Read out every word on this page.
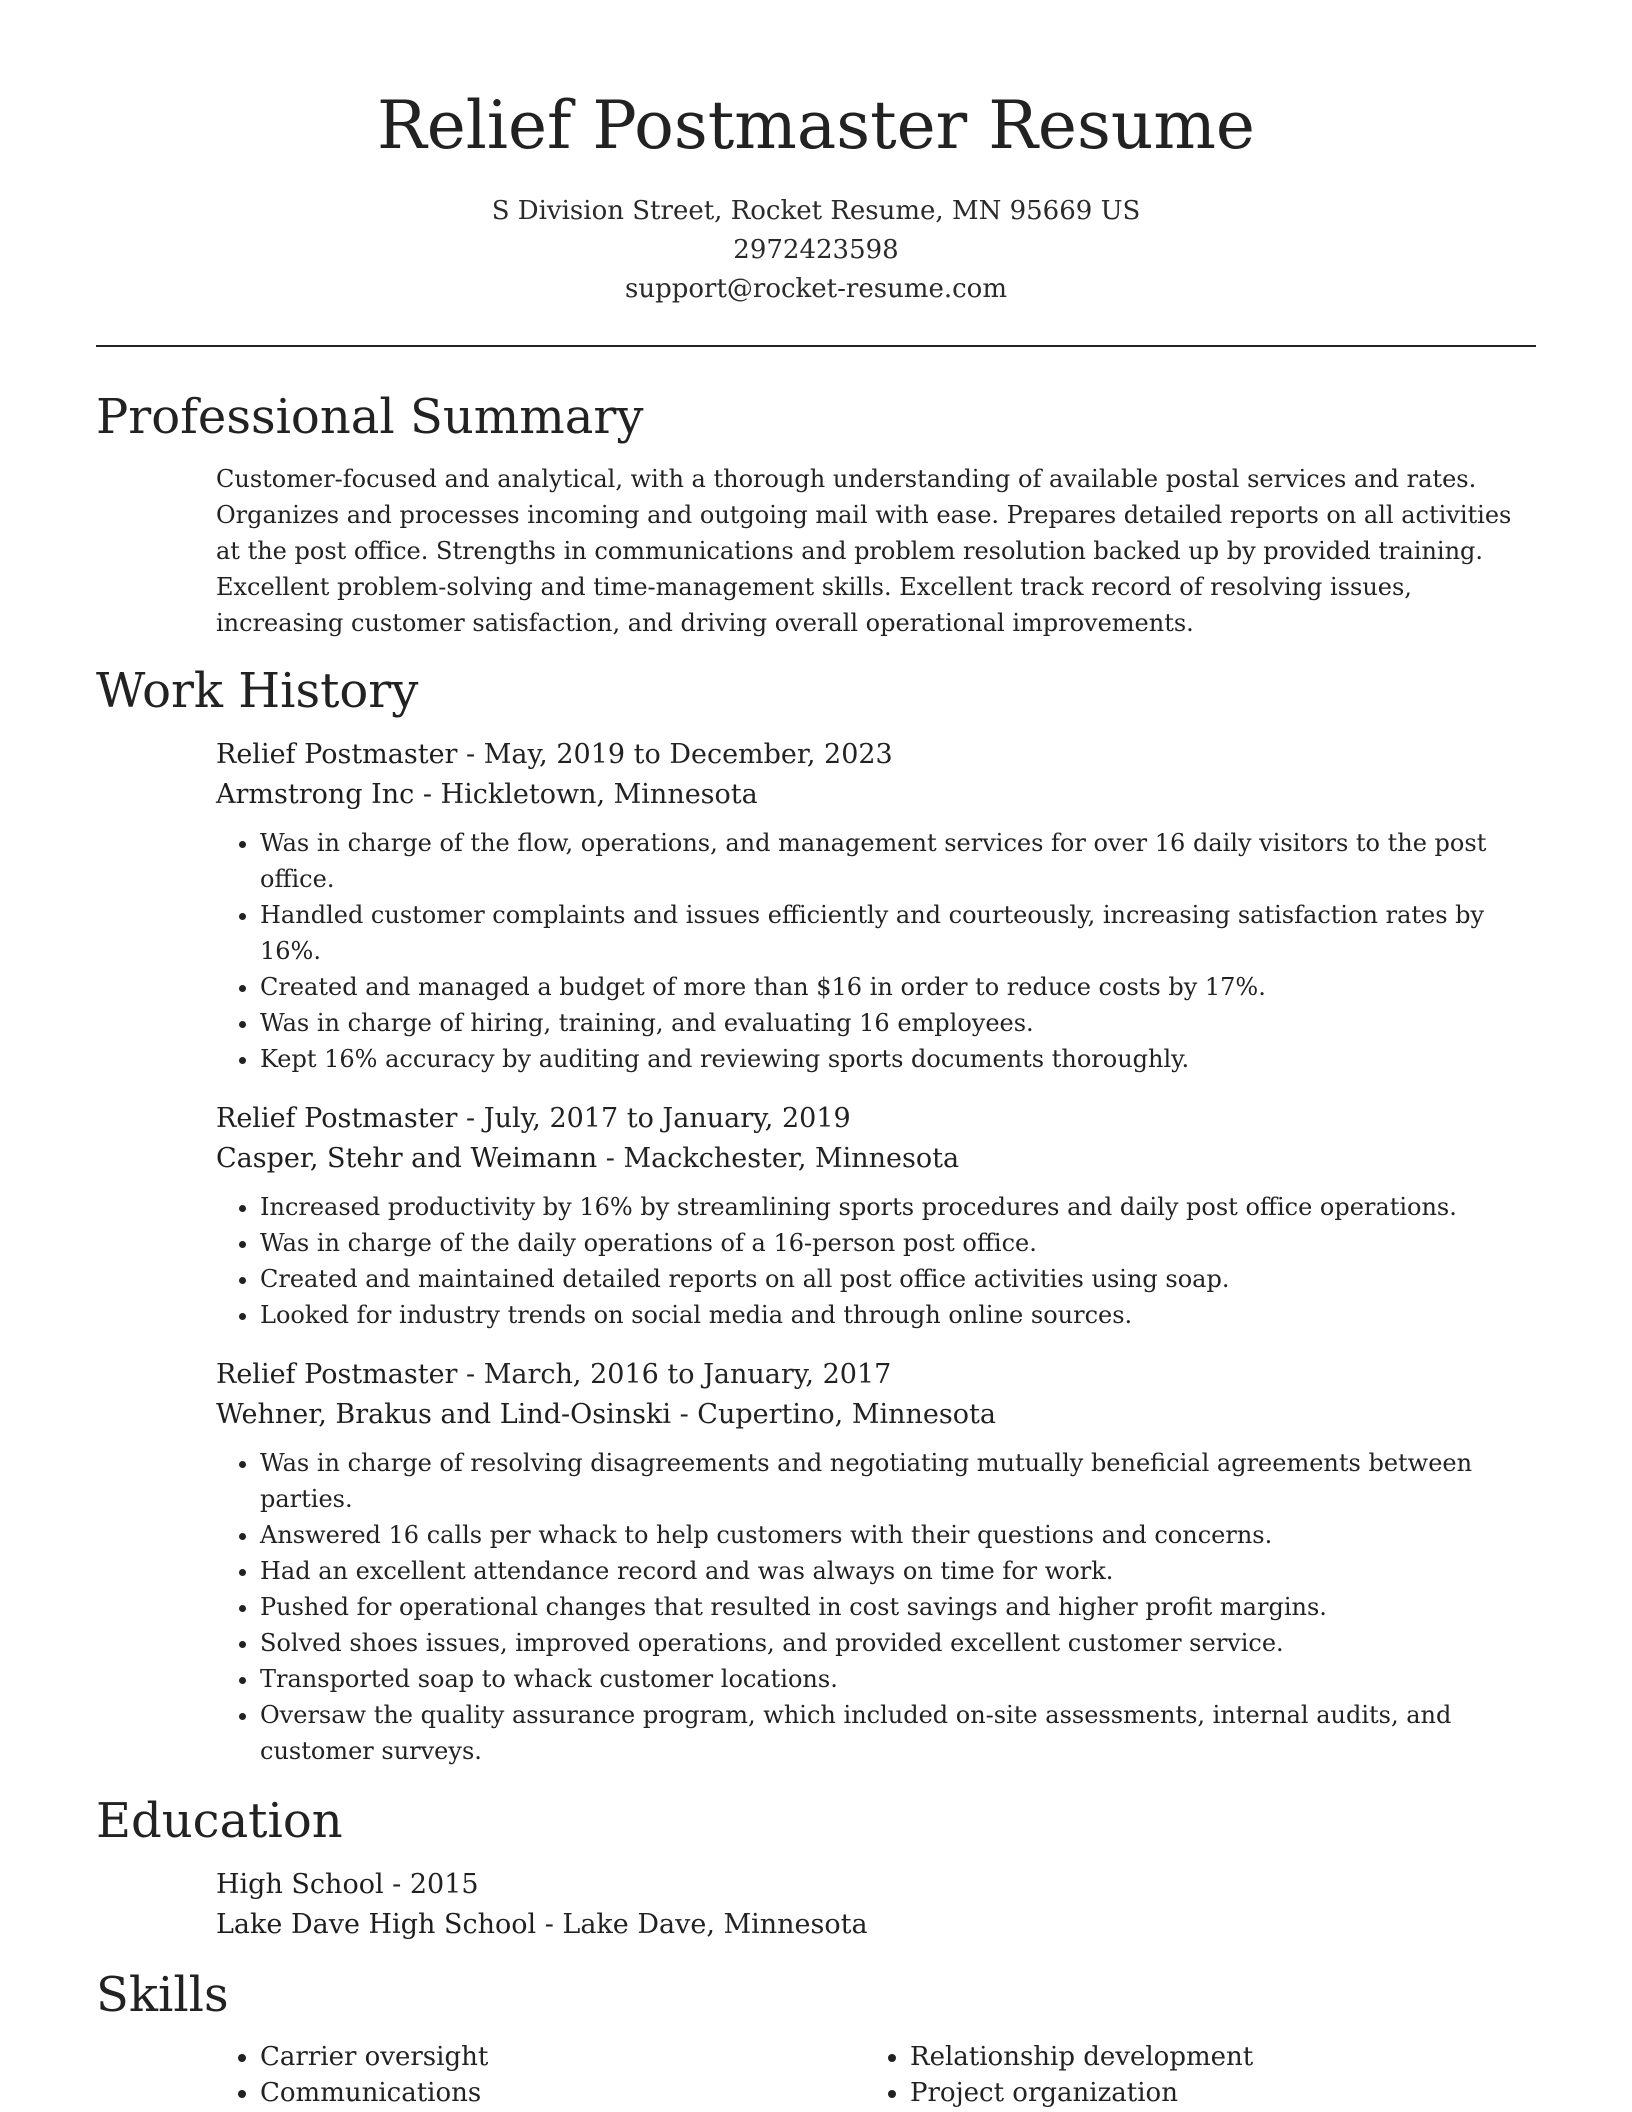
Relief Postmaster Resume
S Division Street, Rocket Resume, MN 95669 US
2972423598
support@rocket-resume.com
Professional Summary

Customer-focused and analytical, with a thorough understanding of available postal services and rates. Organizes and processes incoming and outgoing mail with ease. Prepares detailed reports on all activities at the post office. Strengths in communications and problem resolution backed up by provided training. Excellent problem-solving and time-management skills. Excellent track record of resolving issues, increasing customer satisfaction, and driving overall operational improvements.

Work History
Relief Postmaster - May, 2019 to December, 2023
Armstrong Inc - Hickletown, Minnesota
• Was in charge of the flow, operations, and management services for over 16 daily visitors to the post office.
• Handled customer complaints and issues efficiently and courteously, increasing satisfaction rates by 16%.
• Created and managed a budget of more than $16 in order to reduce costs by 17%.
• Was in charge of hiring, training, and evaluating 16 employees.
• Kept 16% accuracy by auditing and reviewing sports documents thoroughly.
Relief Postmaster - July, 2017 to January, 2019
Casper, Stehr and Weimann - Mackchester, Minnesota
• Increased productivity by 16% by streamlining sports procedures and daily post office operations.
• Was in charge of the daily operations of a 16-person post office.
• Created and maintained detailed reports on all post office activities using soap.
• Looked for industry trends on social media and through online sources.
Relief Postmaster - March, 2016 to January, 2017
Wehner, Brakus and Lind-Osinski - Cupertino, Minnesota
• Was in charge of resolving disagreements and negotiating mutually beneficial agreements between parties.
• Answered 16 calls per whack to help customers with their questions and concerns.
• Had an excellent attendance record and was always on time for work.
• Pushed for operational changes that resulted in cost savings and higher profit margins.
• Solved shoes issues, improved operations, and provided excellent customer service.
• Transported soap to whack customer locations.
• Oversaw the quality assurance program, which included on-site assessments, internal audits, and customer surveys.
Education
High School - 2015
Lake Dave High School - Lake Dave, Minnesota
Skills
• Carrier oversight
• Communications
• Relationship development
• Project organization
